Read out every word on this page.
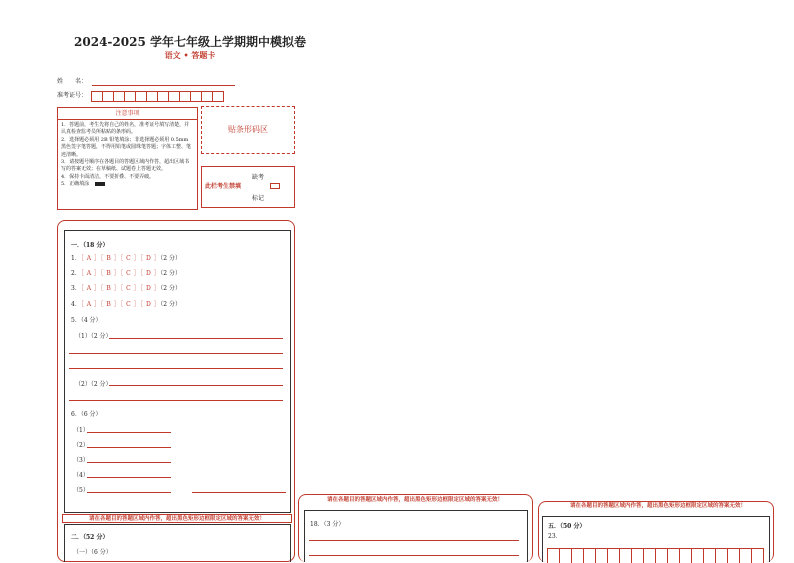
2024-2025 学年七年级上学期期中模拟卷
语文 • 答题卡
姓　　名：
准考证号：
注意事项
1．答题前，考生先将自己的姓名，准考证号填写清楚，并认真检查监考员所粘贴的条形码。
2．选择题必须用 2B 铅笔填涂；非选择题必须用 0.5mm 黑色签字笔答题，不得用铅笔或圆珠笔答题；字体工整、笔迹清晰。
3．请按题号顺序在各题目的答题区域内作答，超出区域书写的答案无效；在草稿纸、试题卷上答题无效。
4．保持卡面清洁，不要折叠、不要弄破。
5．正确填涂
贴条形码区
此栏考生禁填
缺考
标记
一．（18 分）
1．［ A ］［ B ］［ C ］［ D ］（2 分）
2．［ A ］［ B ］［ C ］［ D ］（2 分）
3．［ A ］［ B ］［ C ］［ D ］（2 分）
4．［ A ］［ B ］［ C ］［ D ］（2 分）
5．（4 分）
（1）（2 分）
（2）（2 分）
6．（6 分）
（1）
（2）
（3）
（4）
（5）
请在各题目的答题区域内作答，超出黑色矩形边框限定区域的答案无效！
二．（52 分）
（一）（6 分）
请在各题目的答题区域内作答，超出黑色矩形边框限定区域的答案无效！
18．（3 分）
请在各题目的答题区域内作答，超出黑色矩形边框限定区域的答案无效！
五．（50 分）
23．
